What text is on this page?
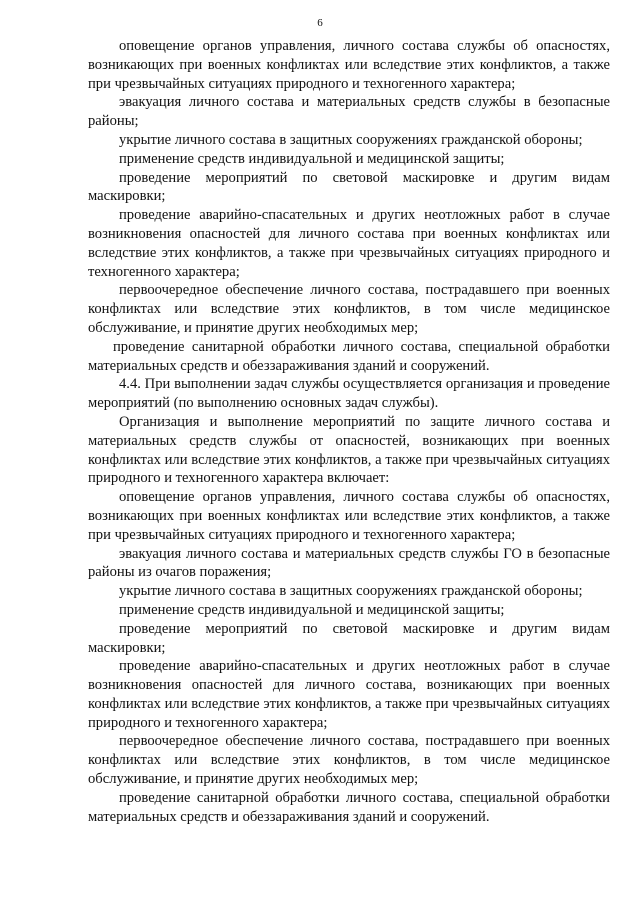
6

оповещение органов управления, личного состава службы об опасностях, возникающих при военных конфликтах или вследствие этих конфликтов, а также при чрезвычайных ситуациях природного и техногенного характера;

эвакуация личного состава и материальных средств службы в безопасные районы;

укрытие личного состава в защитных сооружениях гражданской обороны;

применение средств индивидуальной и медицинской защиты;

проведение мероприятий по световой маскировке и другим видам маскировки;

проведение аварийно-спасательных и других неотложных работ в случае возникновения опасностей для личного состава при военных конфликтах или вследствие этих конфликтов, а также при чрезвычайных ситуациях природного и техногенного характера;

первоочередное обеспечение личного состава, пострадавшего при военных конфликтах или вследствие этих конфликтов, в том числе медицинское обслуживание, и принятие других необходимых мер;

проведение санитарной обработки личного состава, специальной обработки материальных средств и обеззараживания зданий и сооружений.

4.4. При выполнении задач службы осуществляется организация и проведение мероприятий (по выполнению основных задач службы).

Организация и выполнение мероприятий по защите личного состава и материальных средств службы от опасностей, возникающих при военных конфликтах или вследствие этих конфликтов, а также при чрезвычайных ситуациях природного и техногенного характера включает:

оповещение органов управления, личного состава службы об опасностях, возникающих при военных конфликтах или вследствие этих конфликтов, а также при чрезвычайных ситуациях природного и техногенного характера;

эвакуация личного состава и материальных средств службы ГО в безопасные районы из очагов поражения;

укрытие личного состава в защитных сооружениях гражданской обороны;

применение средств индивидуальной и медицинской защиты;

проведение мероприятий по световой маскировке и другим видам маскировки;

проведение аварийно-спасательных и других неотложных работ в случае возникновения опасностей для личного состава, возникающих при военных конфликтах или вследствие этих конфликтов, а также при чрезвычайных ситуациях природного и техногенного характера;

первоочередное обеспечение личного состава, пострадавшего при военных конфликтах или вследствие этих конфликтов, в том числе медицинское обслуживание, и принятие других необходимых мер;

проведение санитарной обработки личного состава, специальной обработки материальных средств и обеззараживания зданий и сооружений.
